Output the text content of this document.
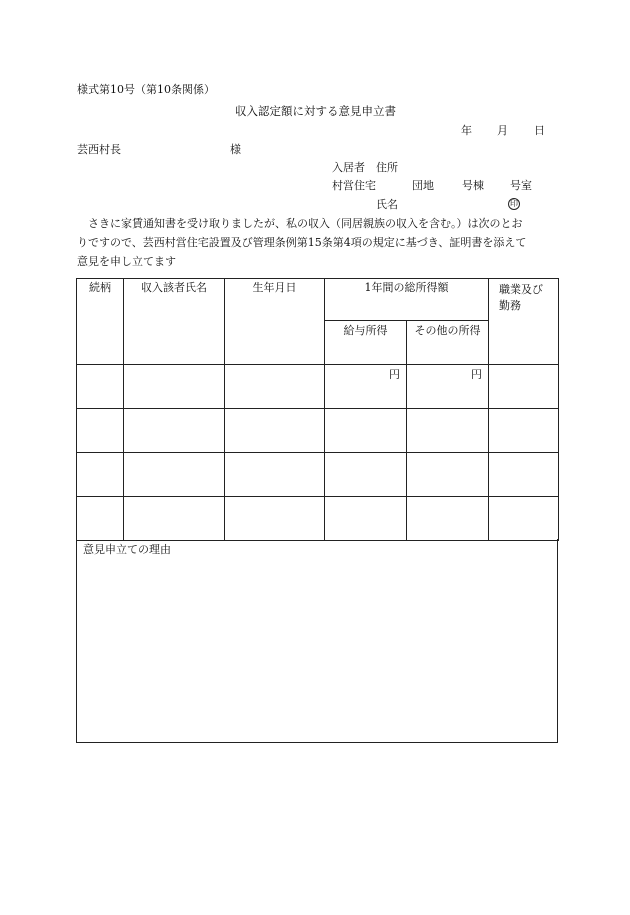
様式第10号（第10条関係）
収入認定額に対する意見申立書
年 月 日
芸西村長	様
入居者 住所
村営住宅	団地	号棟 号室
氏名	印
　さきに家賃通知書を受け取りましたが、私の収入（同居親族の収入を含む。）は次のとお
りですので、芸西村営住宅設置及び管理条例第15条第4項の規定に基づき、証明書を添えて
意見を申し立てます
続柄	収入該者氏名	生年月日	1年間の総所得額		職業及び
勤務
			給与所得	その他の所得	
			円	円	

意見申立ての理由
